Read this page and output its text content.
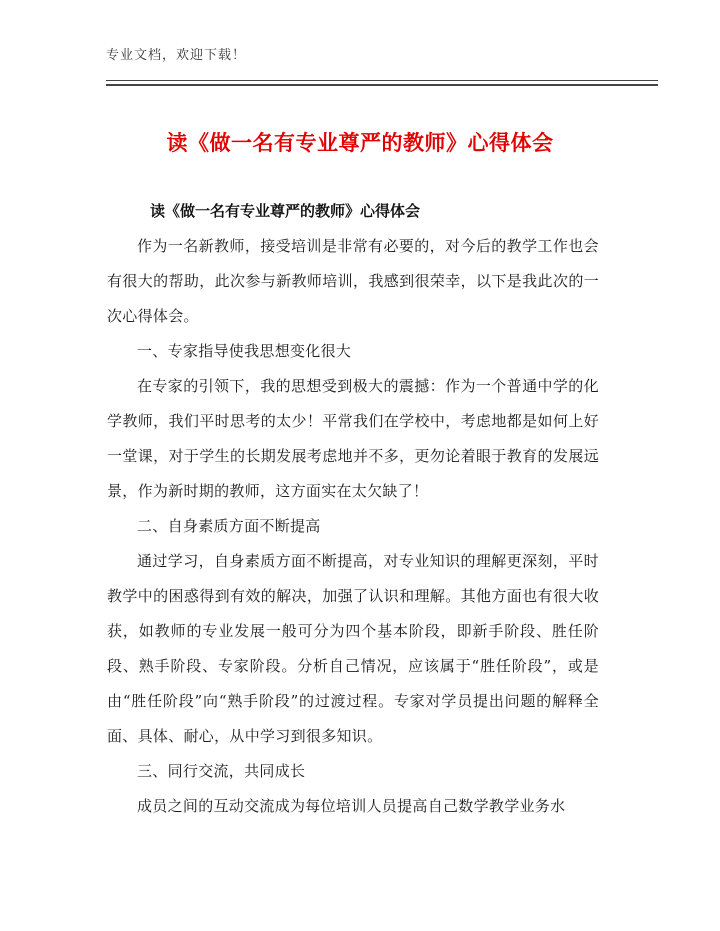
专业文档，欢迎下载！
读《做一名有专业尊严的教师》心得体会
读《做一名有专业尊严的教师》心得体会

作为一名新教师，接受培训是非常有必要的，对今后的教学工作也会有很大的帮助，此次参与新教师培训，我感到很荣幸，以下是我此次的一次心得体会。

一、专家指导使我思想变化很大

在专家的引领下，我的思想受到极大的震撼：作为一个普通中学的化学教师，我们平时思考的太少！平常我们在学校中，考虑地都是如何上好一堂课，对于学生的长期发展考虑地并不多，更勿论着眼于教育的发展远景，作为新时期的教师，这方面实在太欠缺了！

二、自身素质方面不断提高

通过学习，自身素质方面不断提高，对专业知识的理解更深刻，平时教学中的困惑得到有效的解决，加强了认识和理解。其他方面也有很大收获，如教师的专业发展一般可分为四个基本阶段，即新手阶段、胜任阶段、熟手阶段、专家阶段。分析自己情况，应该属于“胜任阶段”，或是由“胜任阶段”向“熟手阶段”的过渡过程。专家对学员提出问题的解释全面、具体、耐心，从中学习到很多知识。

三、同行交流，共同成长

成员之间的互动交流成为每位培训人员提高自己数学教学业务水
